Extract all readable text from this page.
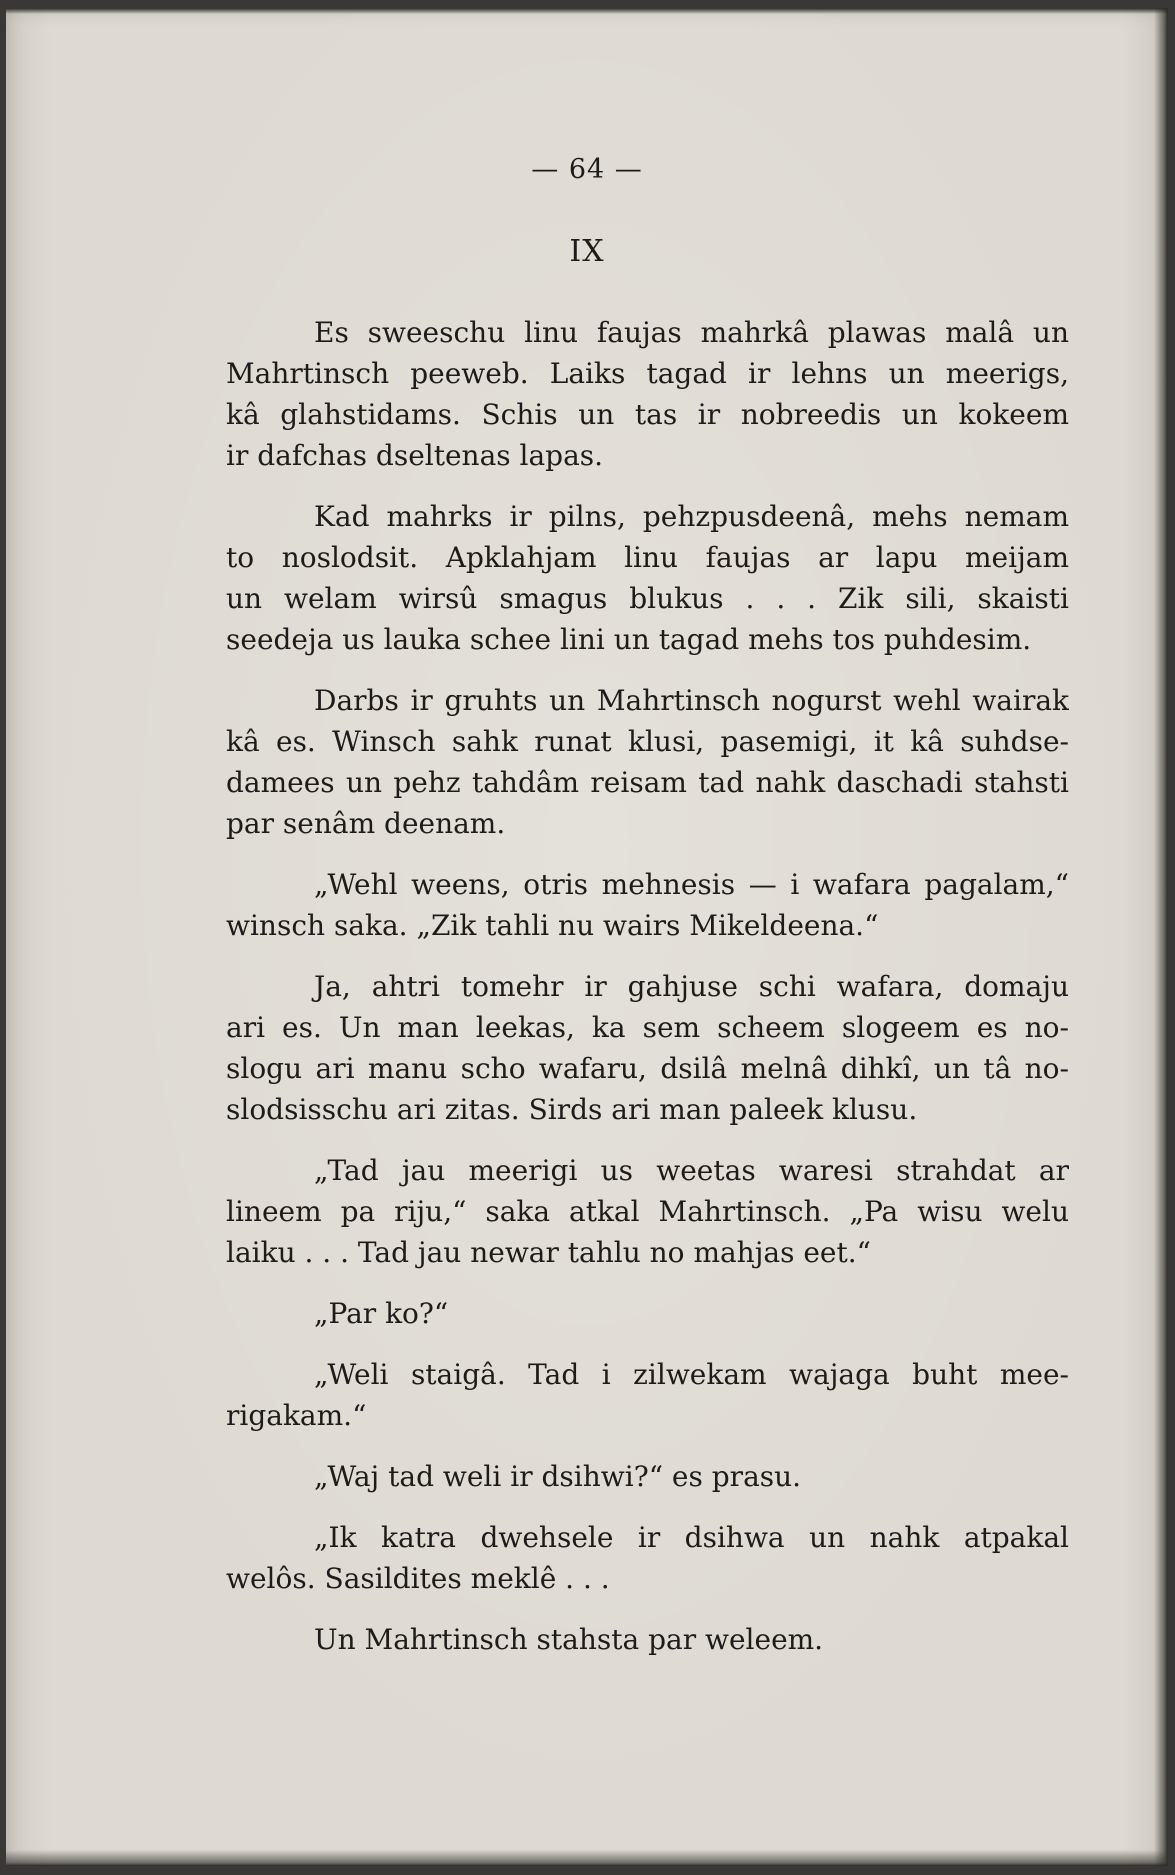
— 64 —
IX
Es sweeschu linu faujas mahrkâ plawas malâ un
Mahrtinsch peeweb. Laiks tagad ir lehns un meerigs,
kâ glahstidams. Schis un tas ir nobreedis un kokeem
ir dafchas dseltenas lapas.
Kad mahrks ir pilns, pehzpusdeenâ, mehs nemam
to noslodsit. Apklahjam linu faujas ar lapu meijam
un welam wirsû smagus blukus . . . Zik sili, skaisti
seedeja us lauka schee lini un tagad mehs tos puhdesim.
Darbs ir gruhts un Mahrtinsch nogurst wehl wairak
kâ es. Winsch sahk runat klusi, pasemigi, it kâ suhdse-
damees un pehz tahdâm reisam tad nahk daschadi stahsti
par senâm deenam.
„Wehl weens, otris mehnesis — i wafara pagalam,“
winsch saka. „Zik tahli nu wairs Mikeldeena.“
Ja, ahtri tomehr ir gahjuse schi wafara, domaju
ari es. Un man leekas, ka sem scheem slogeem es no-
slogu ari manu scho wafaru, dsilâ melnâ dihkî, un tâ no-
slodsisschu ari zitas. Sirds ari man paleek klusu.
„Tad jau meerigi us weetas waresi strahdat ar
lineem pa riju,“ saka atkal Mahrtinsch. „Pa wisu welu
laiku . . . Tad jau newar tahlu no mahjas eet.“
„Par ko?“
„Weli staigâ. Tad i zilwekam wajaga buht mee-
rigakam.“
„Waj tad weli ir dsihwi?“ es prasu.
„Ik katra dwehsele ir dsihwa un nahk atpakal
welôs. Sasildites meklê . . .
Un Mahrtinsch stahsta par weleem.
